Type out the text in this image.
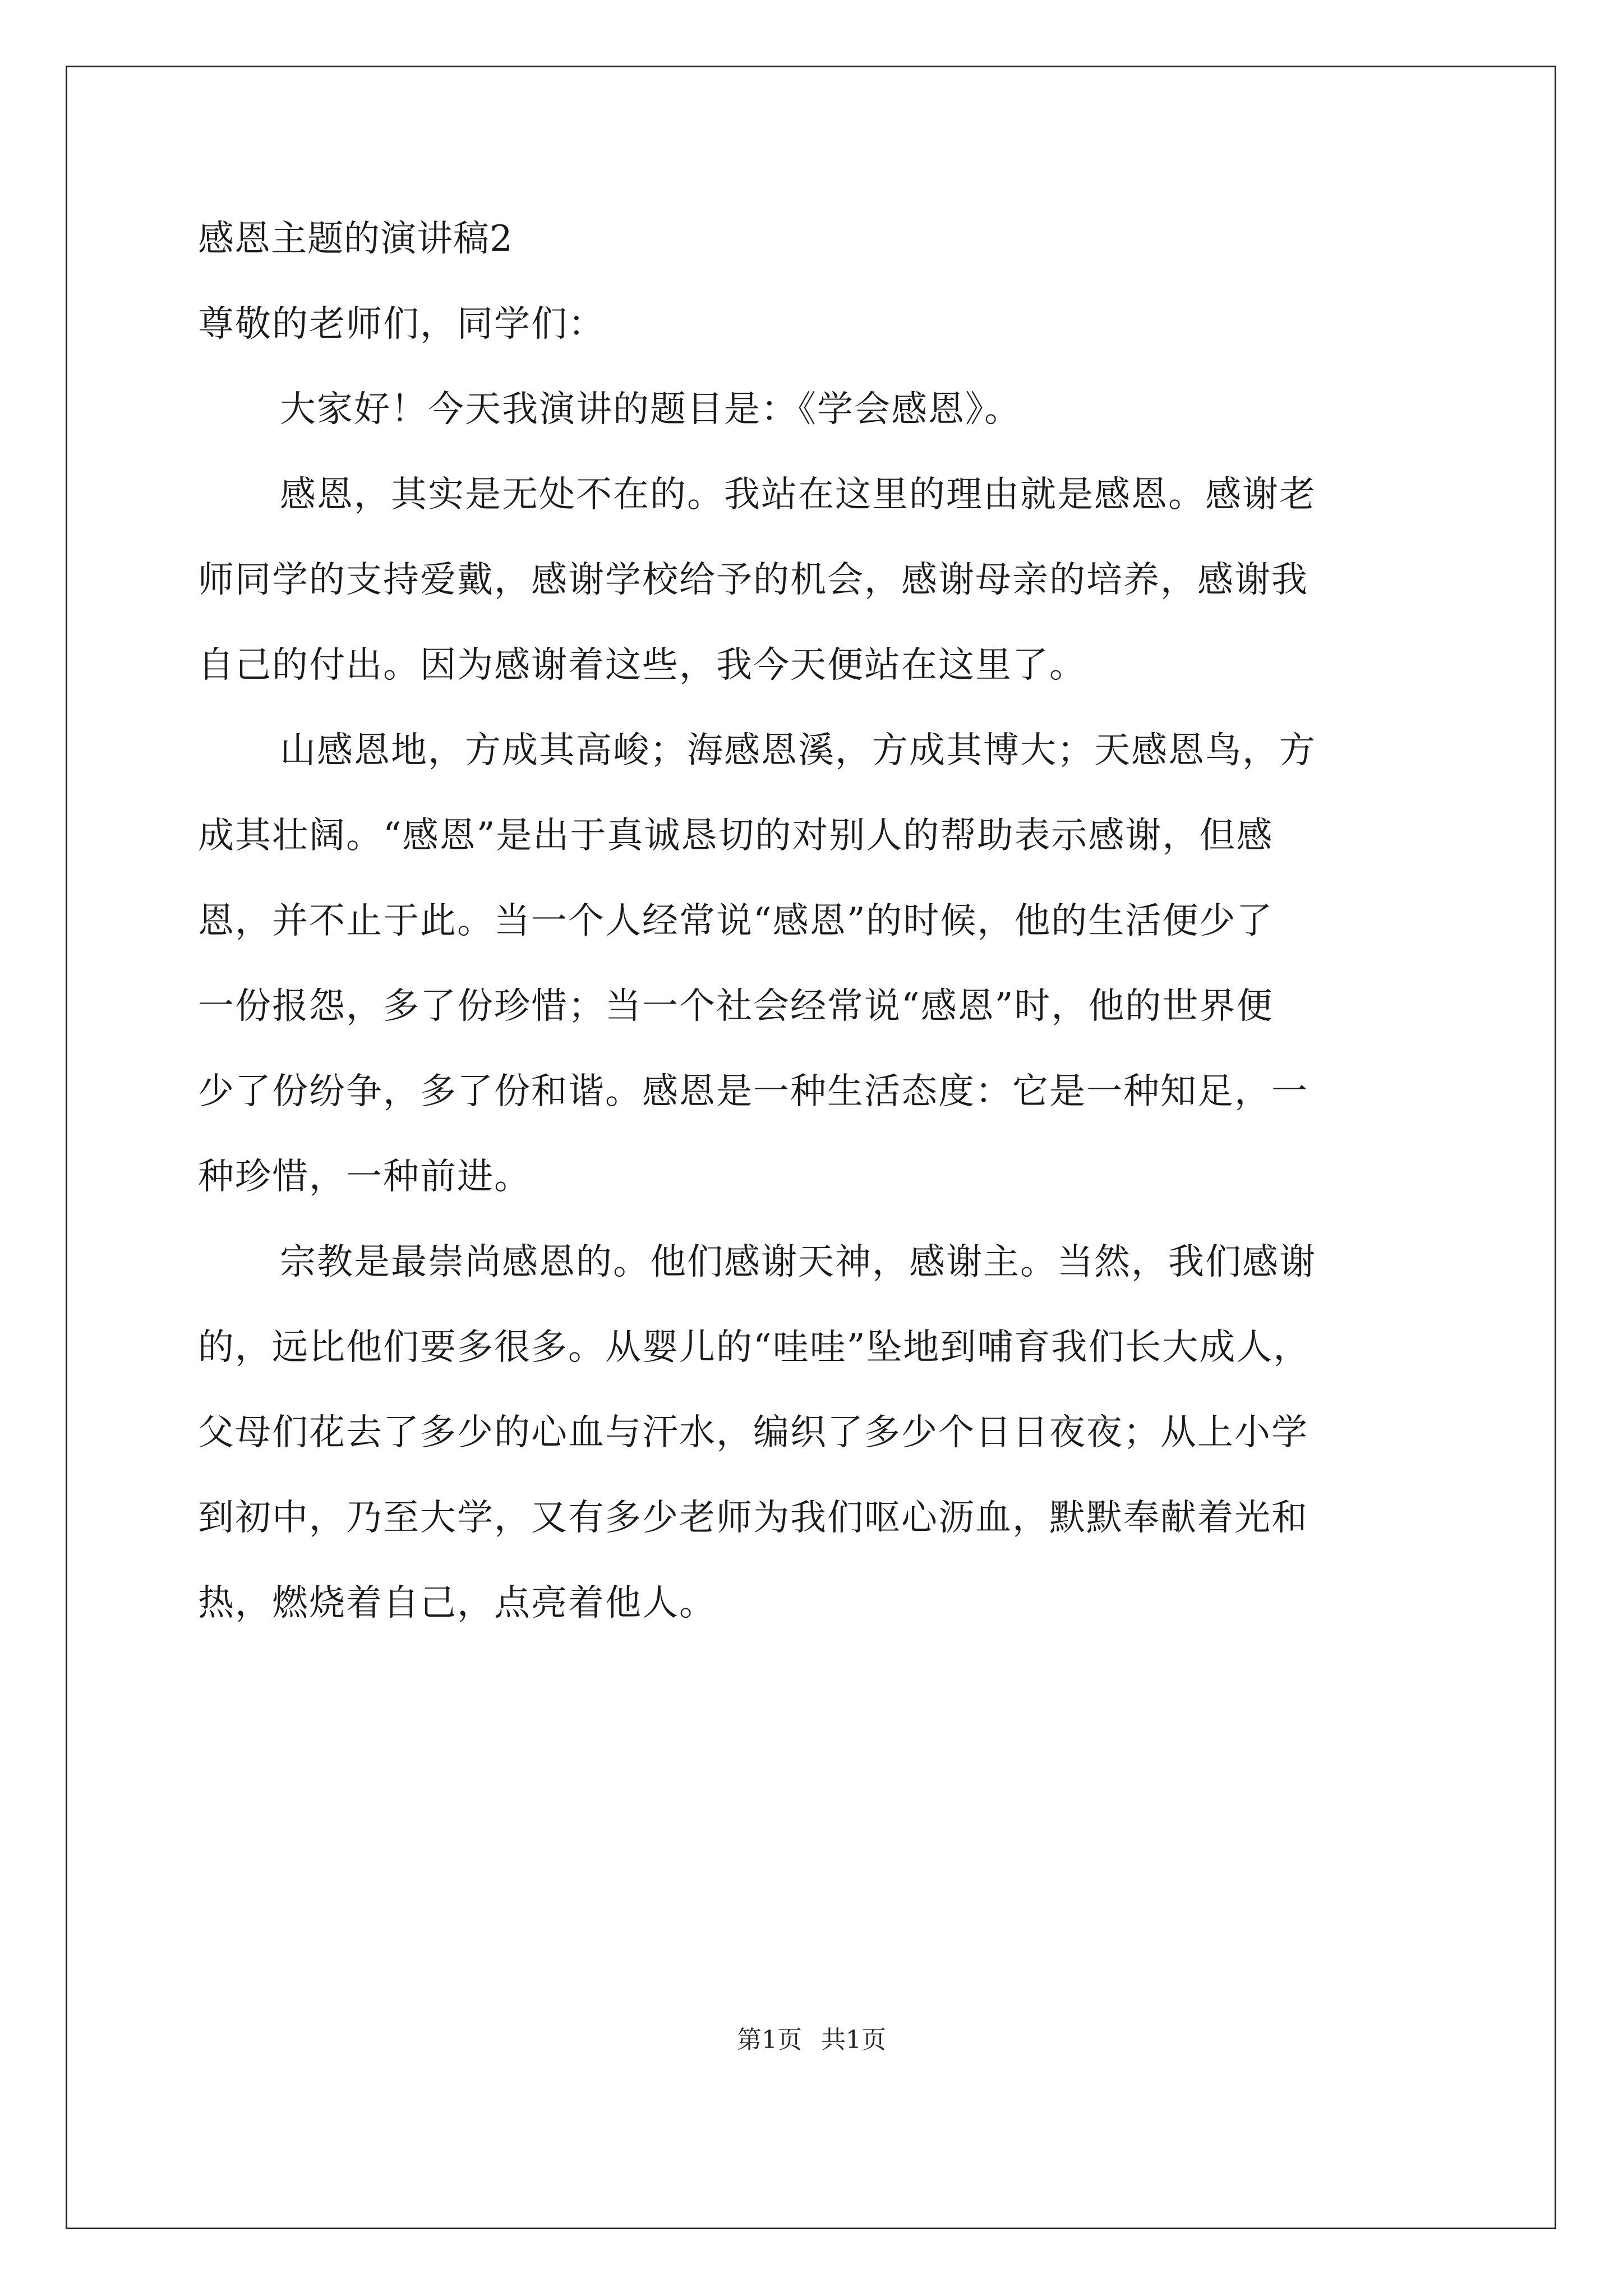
感恩主题的演讲稿2
尊敬的老师们，同学们：
大家好！今天我演讲的题目是：《学会感恩》。
感恩，其实是无处不在的。我站在这里的理由就是感恩。感谢老
师同学的支持爱戴，感谢学校给予的机会，感谢母亲的培养，感谢我
自己的付出。因为感谢着这些，我今天便站在这里了。
山感恩地，方成其高峻；海感恩溪，方成其博大；天感恩鸟，方
成其壮阔。“感恩”是出于真诚恳切的对别人的帮助表示感谢，但感
恩，并不止于此。当一个人经常说“感恩”的时候，他的生活便少了
一份报怨，多了份珍惜；当一个社会经常说“感恩”时，他的世界便
少了份纷争，多了份和谐。感恩是一种生活态度：它是一种知足，一
种珍惜，一种前进。
宗教是最崇尚感恩的。他们感谢天神，感谢主。当然，我们感谢
的，远比他们要多很多。从婴儿的“哇哇”坠地到哺育我们长大成人，
父母们花去了多少的心血与汗水，编织了多少个日日夜夜；从上小学
到初中，乃至大学，又有多少老师为我们呕心沥血，默默奉献着光和
热，燃烧着自己，点亮着他人。
第1页 共1页
